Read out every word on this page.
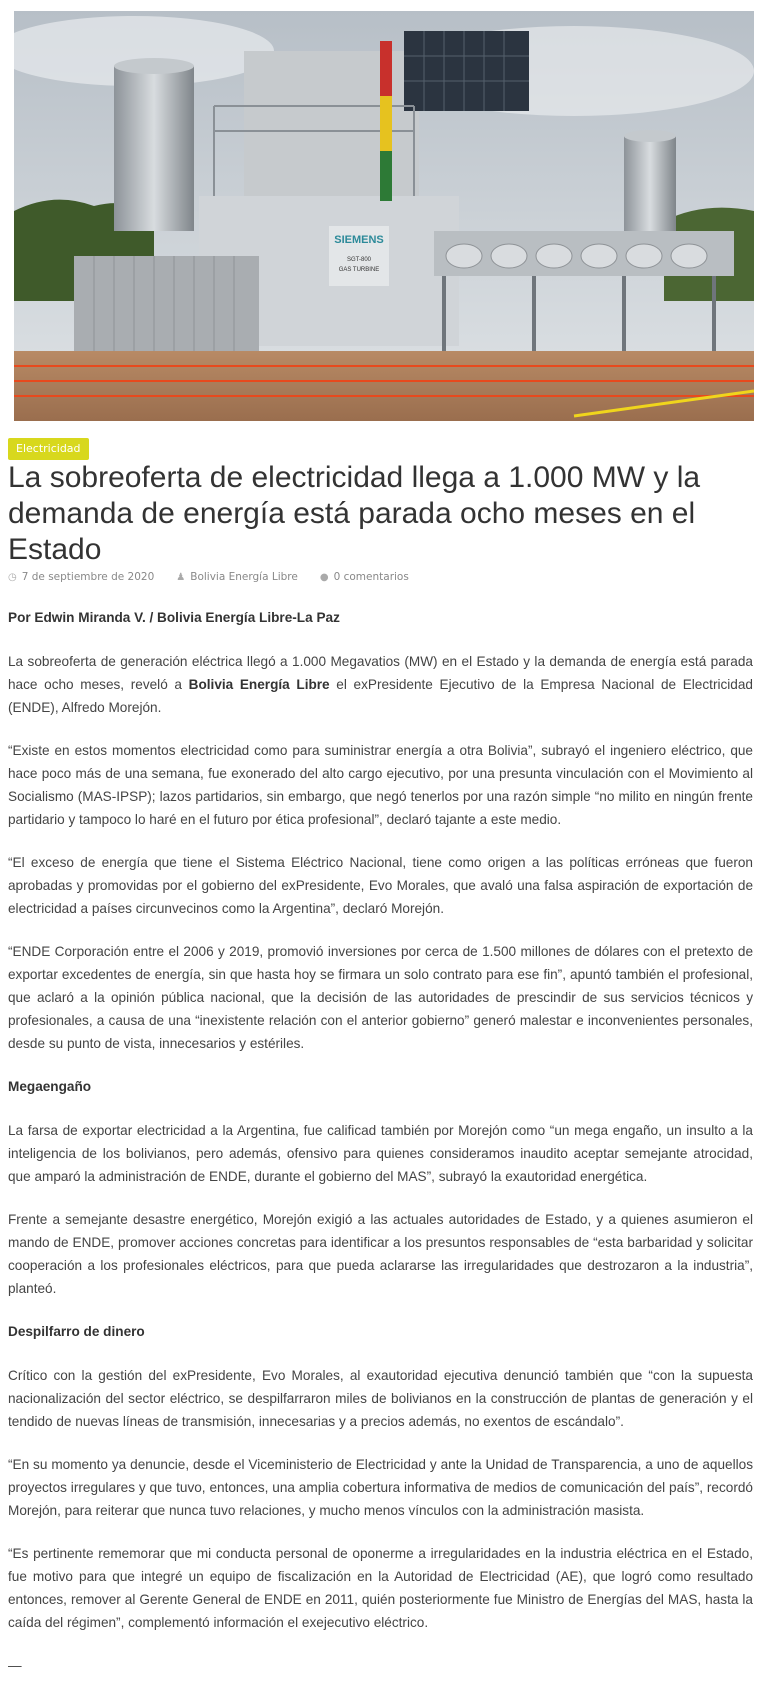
SIEMENS
SGT-800
GAS TURBINE
Electricidad
La sobreoferta de electricidad llega a 1.000 MW y la demanda de energía está parada ocho meses en el Estado
◷ 7 de septiembre de 2020 ♟ Bolivia Energía Libre ● 0 comentarios

Por Edwin Miranda V. / Bolivia Energía Libre-La Paz

La sobreoferta de generación eléctrica llegó a 1.000 Megavatios (MW) en el Estado y la demanda de energía está parada hace ocho meses, reveló a Bolivia Energía Libre el exPresidente Ejecutivo de la Empresa Nacional de Electricidad (ENDE), Alfredo Morejón.

“Existe en estos momentos electricidad como para suministrar energía a otra Bolivia”, subrayó el ingeniero eléctrico, que hace poco más de una semana, fue exonerado del alto cargo ejecutivo, por una presunta vinculación con el Movimiento al Socialismo (MAS-IPSP); lazos partidarios, sin embargo, que negó tenerlos por una razón simple “no milito en ningún frente partidario y tampoco lo haré en el futuro por ética profesional”, declaró tajante a este medio.

“El exceso de energía que tiene el Sistema Eléctrico Nacional, tiene como origen a las políticas erróneas que fueron aprobadas y promovidas por el gobierno del exPresidente, Evo Morales, que avaló una falsa aspiración de exportación de electricidad a países circunvecinos como la Argentina”, declaró Morejón.

“ENDE Corporación entre el 2006 y 2019, promovió inversiones por cerca de 1.500 millones de dólares con el pretexto de exportar excedentes de energía, sin que hasta hoy se firmara un solo contrato para ese fin”, apuntó también el profesional, que aclaró a la opinión pública nacional, que la decisión de las autoridades de prescindir de sus servicios técnicos y profesionales, a causa de una “inexistente relación con el anterior gobierno” generó malestar e inconvenientes personales, desde su punto de vista, innecesarios y estériles.

Megaengaño

La farsa de exportar electricidad a la Argentina, fue calificad también por Morejón como “un mega engaño, un insulto a la inteligencia de los bolivianos, pero además, ofensivo para quienes consideramos inaudito aceptar semejante atrocidad, que amparó la administración de ENDE, durante el gobierno del MAS”, subrayó la exautoridad energética.

Frente a semejante desastre energético, Morejón exigió a las actuales autoridades de Estado, y a quienes asumieron el mando de ENDE, promover acciones concretas para identificar a los presuntos responsables de “esta barbaridad y solicitar cooperación a los profesionales eléctricos, para que pueda aclararse las irregularidades que destrozaron a la industria”, planteó.

Despilfarro de dinero

Crítico con la gestión del exPresidente, Evo Morales, al exautoridad ejecutiva denunció también que “con la supuesta nacionalización del sector eléctrico, se despilfarraron miles de bolivianos en la construcción de plantas de generación y el tendido de nuevas líneas de transmisión, innecesarias y a precios además, no exentos de escándalo”.

“En su momento ya denuncie, desde el Viceministerio de Electricidad y ante la Unidad de Transparencia, a uno de aquellos proyectos irregulares y que tuvo, entonces, una amplia cobertura informativa de medios de comunicación del país”, recordó Morejón, para reiterar que nunca tuvo relaciones, y mucho menos vínculos con la administración masista.

“Es pertinente rememorar que mi conducta personal de oponerme a irregularidades en la industria eléctrica en el Estado, fue motivo para que integré un equipo de fiscalización en la Autoridad de Electricidad (AE), que logró como resultado entonces, remover al Gerente General de ENDE en 2011, quién posteriormente fue Ministro de Energías del MAS, hasta la caída del régimen”, complementó información el exejecutivo eléctrico.

—
